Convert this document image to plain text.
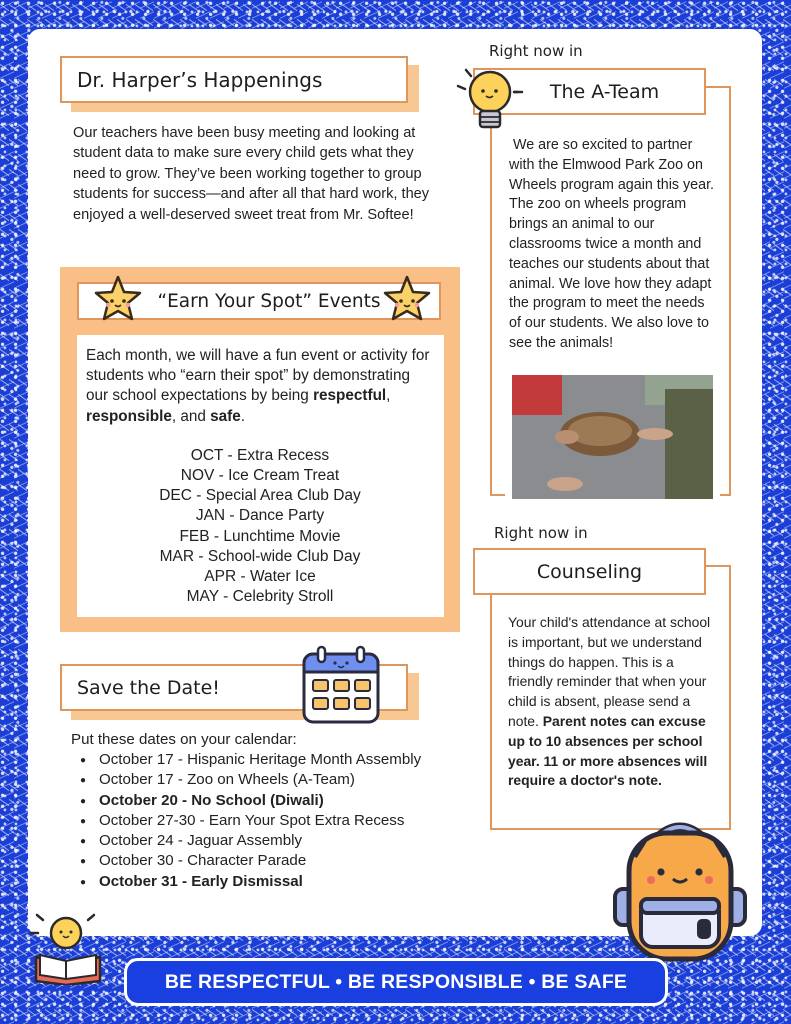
Dr. Harper’s Happenings

Our teachers have been busy meeting and looking at student data to make sure every child gets what they need to grow. They’ve been working together to group students for success—and after all that hard work, they enjoyed a well-deserved sweet treat from Mr. Softee!

“Earn Your Spot” Events

Each month, we will have a fun event or activity for students who “earn their spot” by demonstrating our school expectations by being respectful, responsible, and safe.

OCT - Extra Recess
NOV - Ice Cream Treat
DEC - Special Area Club Day
JAN - Dance Party
FEB - Lunchtime Movie
MAR - School-wide Club Day
APR - Water Ice
MAY - Celebrity Stroll
Save the Date!

Put these dates on your calendar:

● October 17 - Hispanic Heritage Month Assembly
● October 17 - Zoo on Wheels (A-Team)
● October 20 - No School (Diwali)
● October 27-30 - Earn Your Spot Extra Recess
● October 24 - Jaguar Assembly
● October 30 - Character Parade
● October 31 - Early Dismissal
Right now in
The A-Team

We are so excited to partner with the Elmwood Park Zoo on Wheels program again this year. The zoo on wheels program brings an animal to our classrooms twice a month and teaches our students about that animal. We love how they adapt the program to meet the needs of our students. We also love to see the animals!

Right now in
Counseling

Your child's attendance at school is important, but we understand things do happen. This is a friendly reminder that when your child is absent, please send a note. Parent notes can excuse up to 10 absences per school year. 11 or more absences will require a doctor's note.

BE RESPECTFUL • BE RESPONSIBLE • BE SAFE
